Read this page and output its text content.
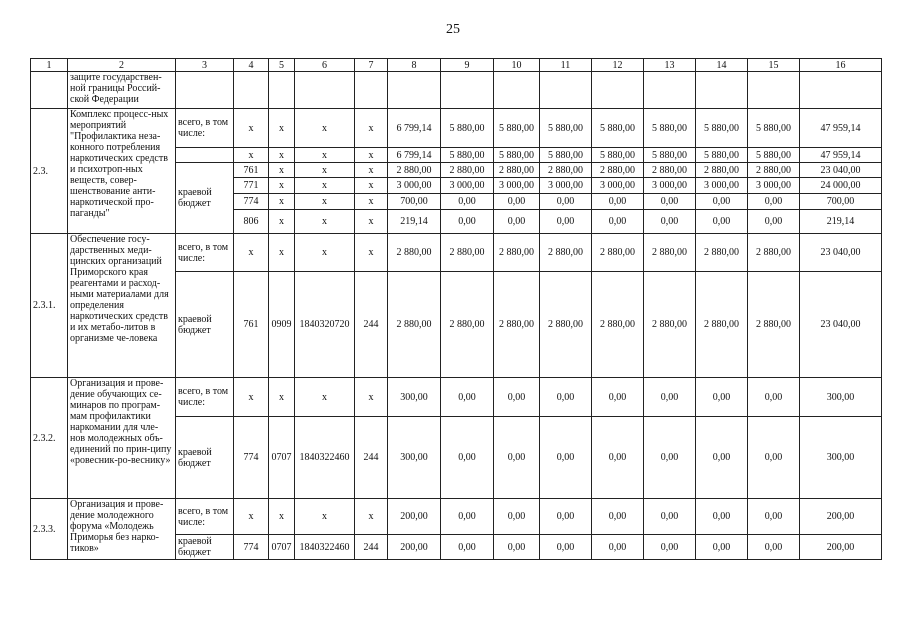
25
1	2	3	4	5	6	7	8	9	10	11	12	13	14	15	16
	защите государствен-ной границы Россий-ской Федерации														
2.3.	Комплекс процесс-ных мероприятий "Профилактика неза-конного потребления наркотических средств и психотроп-ных веществ, совер-шенствование анти-наркотической про-паганды"	всего, в том числе:	x	x	x	x	6 799,14	5 880,00	5 880,00	5 880,00	5 880,00	5 880,00	5 880,00	5 880,00	47 959,14
			x	x	x	x	6 799,14	5 880,00	5 880,00	5 880,00	5 880,00	5 880,00	5 880,00	5 880,00	47 959,14
		краевой бюджет	761	x	x	x	2 880,00	2 880,00	2 880,00	2 880,00	2 880,00	2 880,00	2 880,00	2 880,00	23 040,00
			771	x	x	x	3 000,00	3 000,00	3 000,00	3 000,00	3 000,00	3 000,00	3 000,00	3 000,00	24 000,00
			774	x	x	x	700,00	0,00	0,00	0,00	0,00	0,00	0,00	0,00	700,00
			806	x	x	x	219,14	0,00	0,00	0,00	0,00	0,00	0,00	0,00	219,14
2.3.1.	Обеспечение госу-дарственных меди-цинских организаций Приморского края реагентами и расход-ными материалами для определения наркотических средств и их метабо-литов в организме че-ловека	всего, в том числе:	x	x	x	x	2 880,00	2 880,00	2 880,00	2 880,00	2 880,00	2 880,00	2 880,00	2 880,00	23 040,00
		краевой бюджет	761	0909	1840320720	244	2 880,00	2 880,00	2 880,00	2 880,00	2 880,00	2 880,00	2 880,00	2 880,00	23 040,00
2.3.2.	Организация и прове-дение обучающих се-минаров по програм-мам профилактики наркомании для чле-нов молодежных объ-единений по прин-ципу «ровесник-ро-веснику»	всего, в том числе:	x	x	x	x	300,00	0,00	0,00	0,00	0,00	0,00	0,00	0,00	300,00
		краевой бюджет	774	0707	1840322460	244	300,00	0,00	0,00	0,00	0,00	0,00	0,00	0,00	300,00
2.3.3.	Организация и прове-дение молодежного форума «Молодежь Приморья без нарко-тиков»	всего, в том числе:	x	x	x	x	200,00	0,00	0,00	0,00	0,00	0,00	0,00	0,00	200,00
		краевой бюджет	774	0707	1840322460	244	200,00	0,00	0,00	0,00	0,00	0,00	0,00	0,00	200,00
